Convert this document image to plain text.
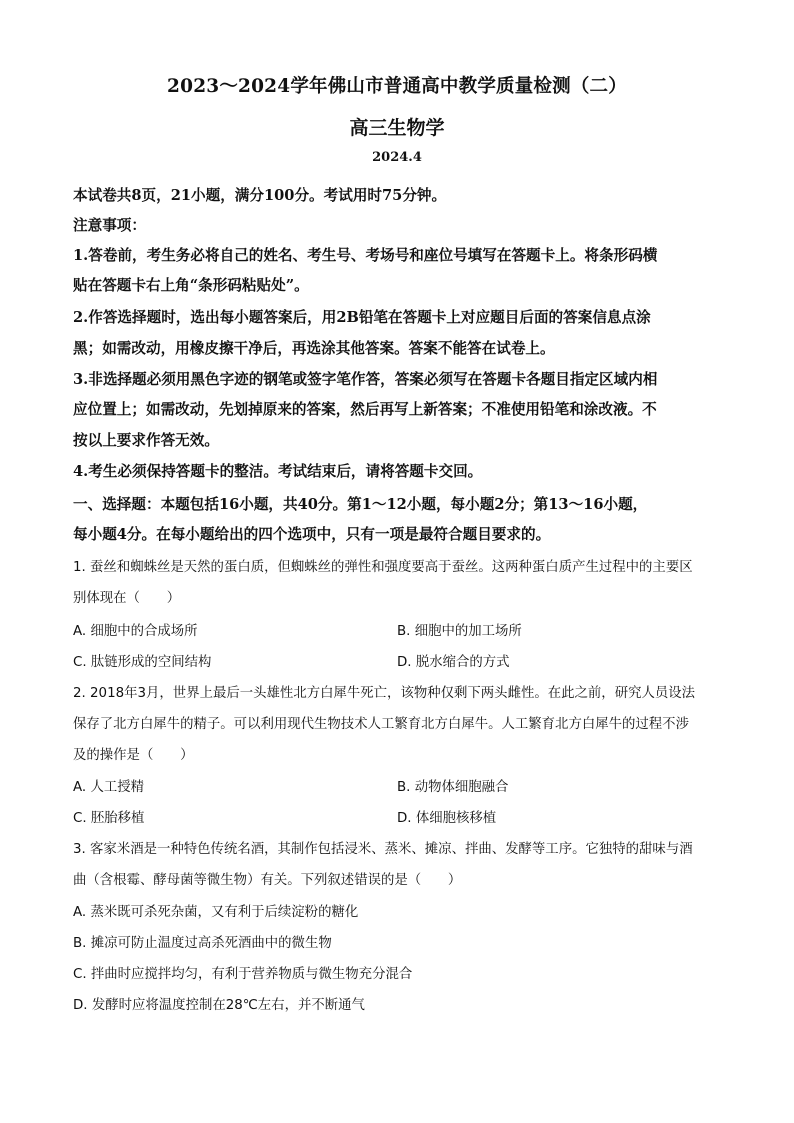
2023～2024学年佛山市普通高中教学质量检测（二）
高三生物学
2024.4
本试卷共8页，21小题，满分100分。考试用时75分钟。
注意事项：
1.答卷前，考生务必将自己的姓名、考生号、考场号和座位号填写在答题卡上。将条形码横
贴在答题卡右上角“条形码粘贴处”。
2.作答选择题时，选出每小题答案后，用2B铅笔在答题卡上对应题目后面的答案信息点涂
黑；如需改动，用橡皮擦干净后，再选涂其他答案。答案不能答在试卷上。
3.非选择题必须用黑色字迹的钢笔或签字笔作答，答案必须写在答题卡各题目指定区域内相
应位置上；如需改动，先划掉原来的答案，然后再写上新答案；不准使用铅笔和涂改液。不
按以上要求作答无效。
4.考生必须保持答题卡的整洁。考试结束后，请将答题卡交回。
一、选择题：本题包括16小题，共40分。第1～12小题，每小题2分；第13～16小题，
每小题4分。在每小题给出的四个选项中，只有一项是最符合题目要求的。
1. 蚕丝和蜘蛛丝是天然的蛋白质，但蜘蛛丝的弹性和强度要高于蚕丝。这两种蛋白质产生过程中的主要区
别体现在（　　）
A. 细胞中的合成场所	B. 细胞中的加工场所
C. 肽链形成的空间结构	D. 脱水缩合的方式
2. 2018年3月，世界上最后一头雄性北方白犀牛死亡，该物种仅剩下两头雌性。在此之前，研究人员设法
保存了北方白犀牛的精子。可以利用现代生物技术人工繁育北方白犀牛。人工繁育北方白犀牛的过程不涉
及的操作是（　　）
A. 人工授精	B. 动物体细胞融合
C. 胚胎移植	D. 体细胞核移植
3. 客家米酒是一种特色传统名酒，其制作包括浸米、蒸米、摊凉、拌曲、发酵等工序。它独特的甜味与酒
曲（含根霉、酵母菌等微生物）有关。下列叙述错误的是（　　）
A. 蒸米既可杀死杂菌，又有利于后续淀粉的糖化
B. 摊凉可防止温度过高杀死酒曲中的微生物
C. 拌曲时应搅拌均匀，有利于营养物质与微生物充分混合
D. 发酵时应将温度控制在28℃左右，并不断通气
